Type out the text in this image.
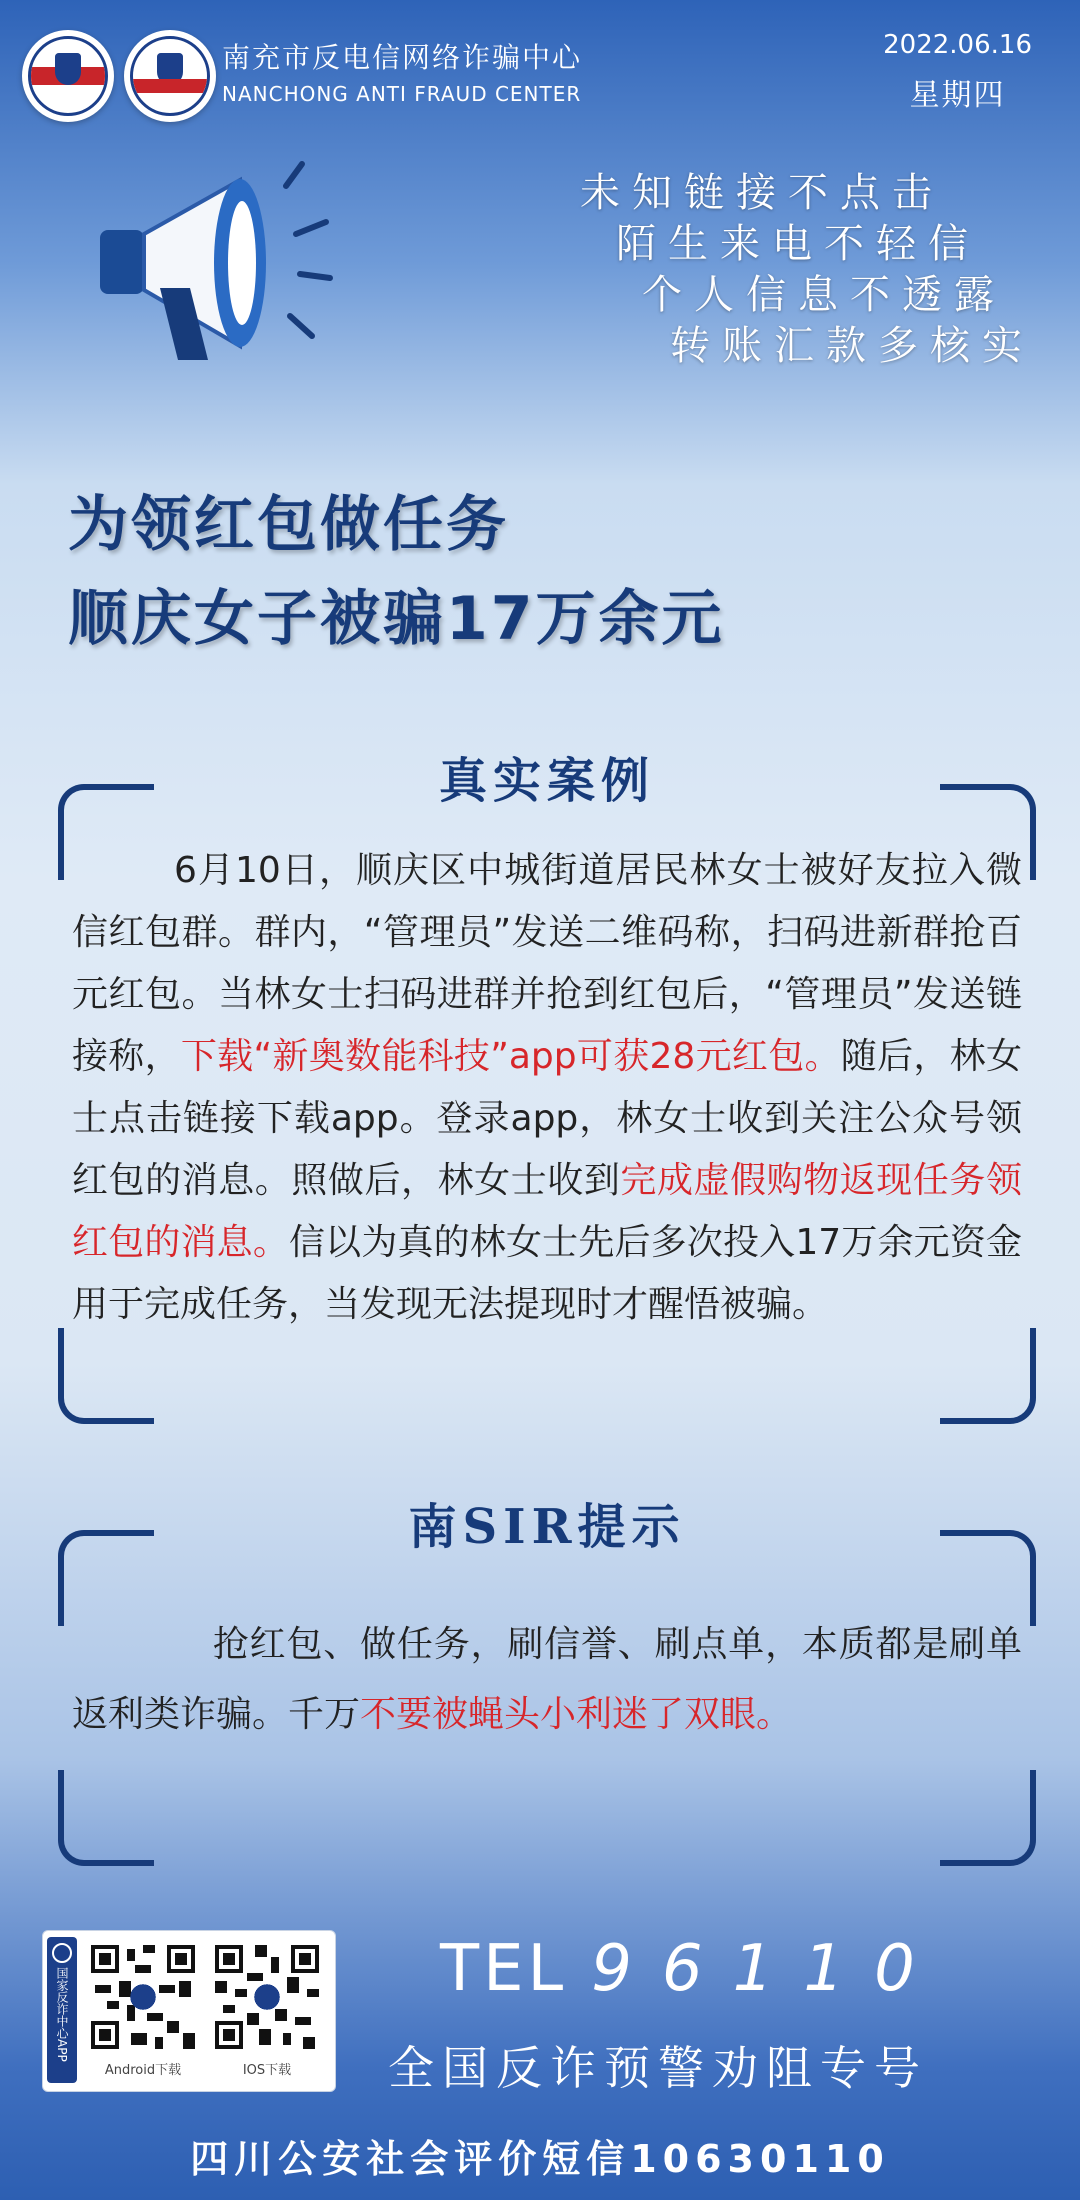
南充市反电信网络诈骗中心
NANCHONG ANTI FRAUD CENTER
2022.06.16
星期四
未知链接不点击
陌生来电不轻信
个人信息不透露
转账汇款多核实
为领红包做任务
顺庆女子被骗17万余元
真实案例
6月10日，顺庆区中城街道居民林女士被好友拉入微信红包群。群内，“管理员”发送二维码称，扫码进新群抢百元红包。当林女士扫码进群并抢到红包后，“管理员”发送链接称，下载“新奥数能科技”app可获28元红包。随后，林女士点击链接下载app。登录app，林女士收到关注公众号领红包的消息。照做后，林女士收到完成虚假购物返现任务领红包的消息。信以为真的林女士先后多次投入17万余元资金用于完成任务，当发现无法提现时才醒悟被骗。
南SIR提示
抢红包、做任务，刷信誉、刷点单，本质都是刷单返利类诈骗。千万不要被蝇头小利迷了双眼。
国家反诈中心APP
Android下载	IOS下载
TEL 96110
全国反诈预警劝阻专号
四川公安社会评价短信10630110
